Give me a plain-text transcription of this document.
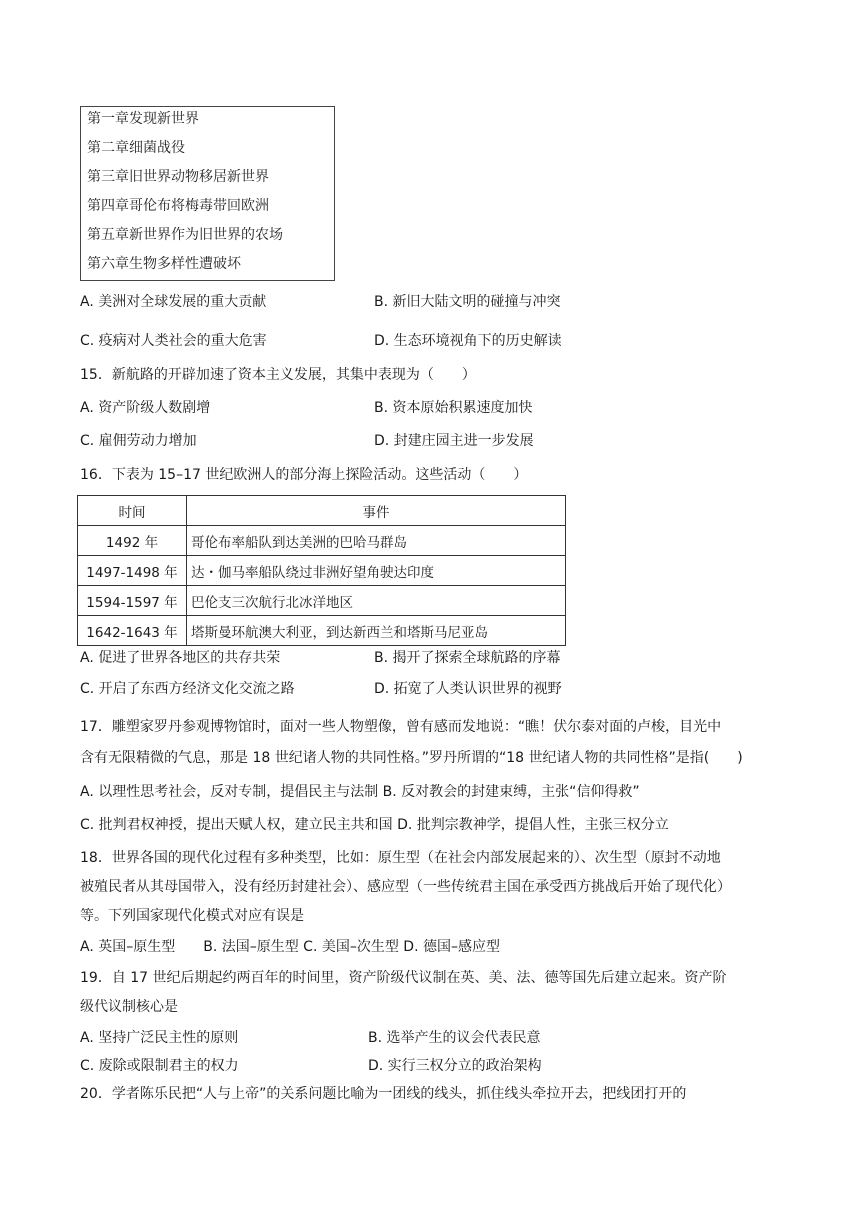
第一章发现新世界
第二章细菌战役
第三章旧世界动物移居新世界
第四章哥伦布将梅毒带回欧洲
第五章新世界作为旧世界的农场
第六章生物多样性遭破坏
A. 美洲对全球发展的重大贡献	B. 新旧大陆文明的碰撞与冲突
C. 疫病对人类社会的重大危害	D. 生态环境视角下的历史解读
15．新航路的开辟加速了资本主义发展，其集中表现为（　　）
A. 资产阶级人数剧增	B. 资本原始积累速度加快
C. 雇佣劳动力增加	D. 封建庄园主进一步发展
16．下表为 15–17 世纪欧洲人的部分海上探险活动。这些活动（　　）
时间	事件
1492 年	哥伦布率船队到达美洲的巴哈马群岛
1497-1498 年	达・伽马率船队绕过非洲好望角驶达印度
1594-1597 年	巴伦支三次航行北冰洋地区
1642-1643 年	塔斯曼环航澳大利亚，到达新西兰和塔斯马尼亚岛
A. 促进了世界各地区的共存共荣	B. 揭开了探索全球航路的序幕
C. 开启了东西方经济文化交流之路	D. 拓宽了人类认识世界的视野
17．雕塑家罗丹参观博物馆时，面对一些人物塑像，曾有感而发地说：“瞧！伏尔泰对面的卢梭，目光中
含有无限精微的气息，那是 18 世纪诸人物的共同性格。”罗丹所谓的“18 世纪诸人物的共同性格”是指(　　)
A. 以理性思考社会，反对专制，提倡民主与法制 B. 反对教会的封建束缚，主张“信仰得救”
C. 批判君权神授，提出天赋人权，建立民主共和国 D. 批判宗教神学，提倡人性，主张三权分立
18．世界各国的现代化过程有多种类型，比如：原生型（在社会内部发展起来的）、次生型（原封不动地
被殖民者从其母国带入，没有经历封建社会）、感应型（一些传统君主国在承受西方挑战后开始了现代化）
等。下列国家现代化模式对应有误是
A. 英国–原生型　　B. 法国–原生型 C. 美国–次生型 D. 德国–感应型
19．自 17 世纪后期起约两百年的时间里，资产阶级代议制在英、美、法、德等国先后建立起来。资产阶
级代议制核心是
A. 坚持广泛民主性的原则	B. 选举产生的议会代表民意
C. 废除或限制君主的权力	D. 实行三权分立的政治架构
20．学者陈乐民把“人与上帝”的关系问题比喻为一团线的线头，抓住线头牵拉开去，把线团打开的
